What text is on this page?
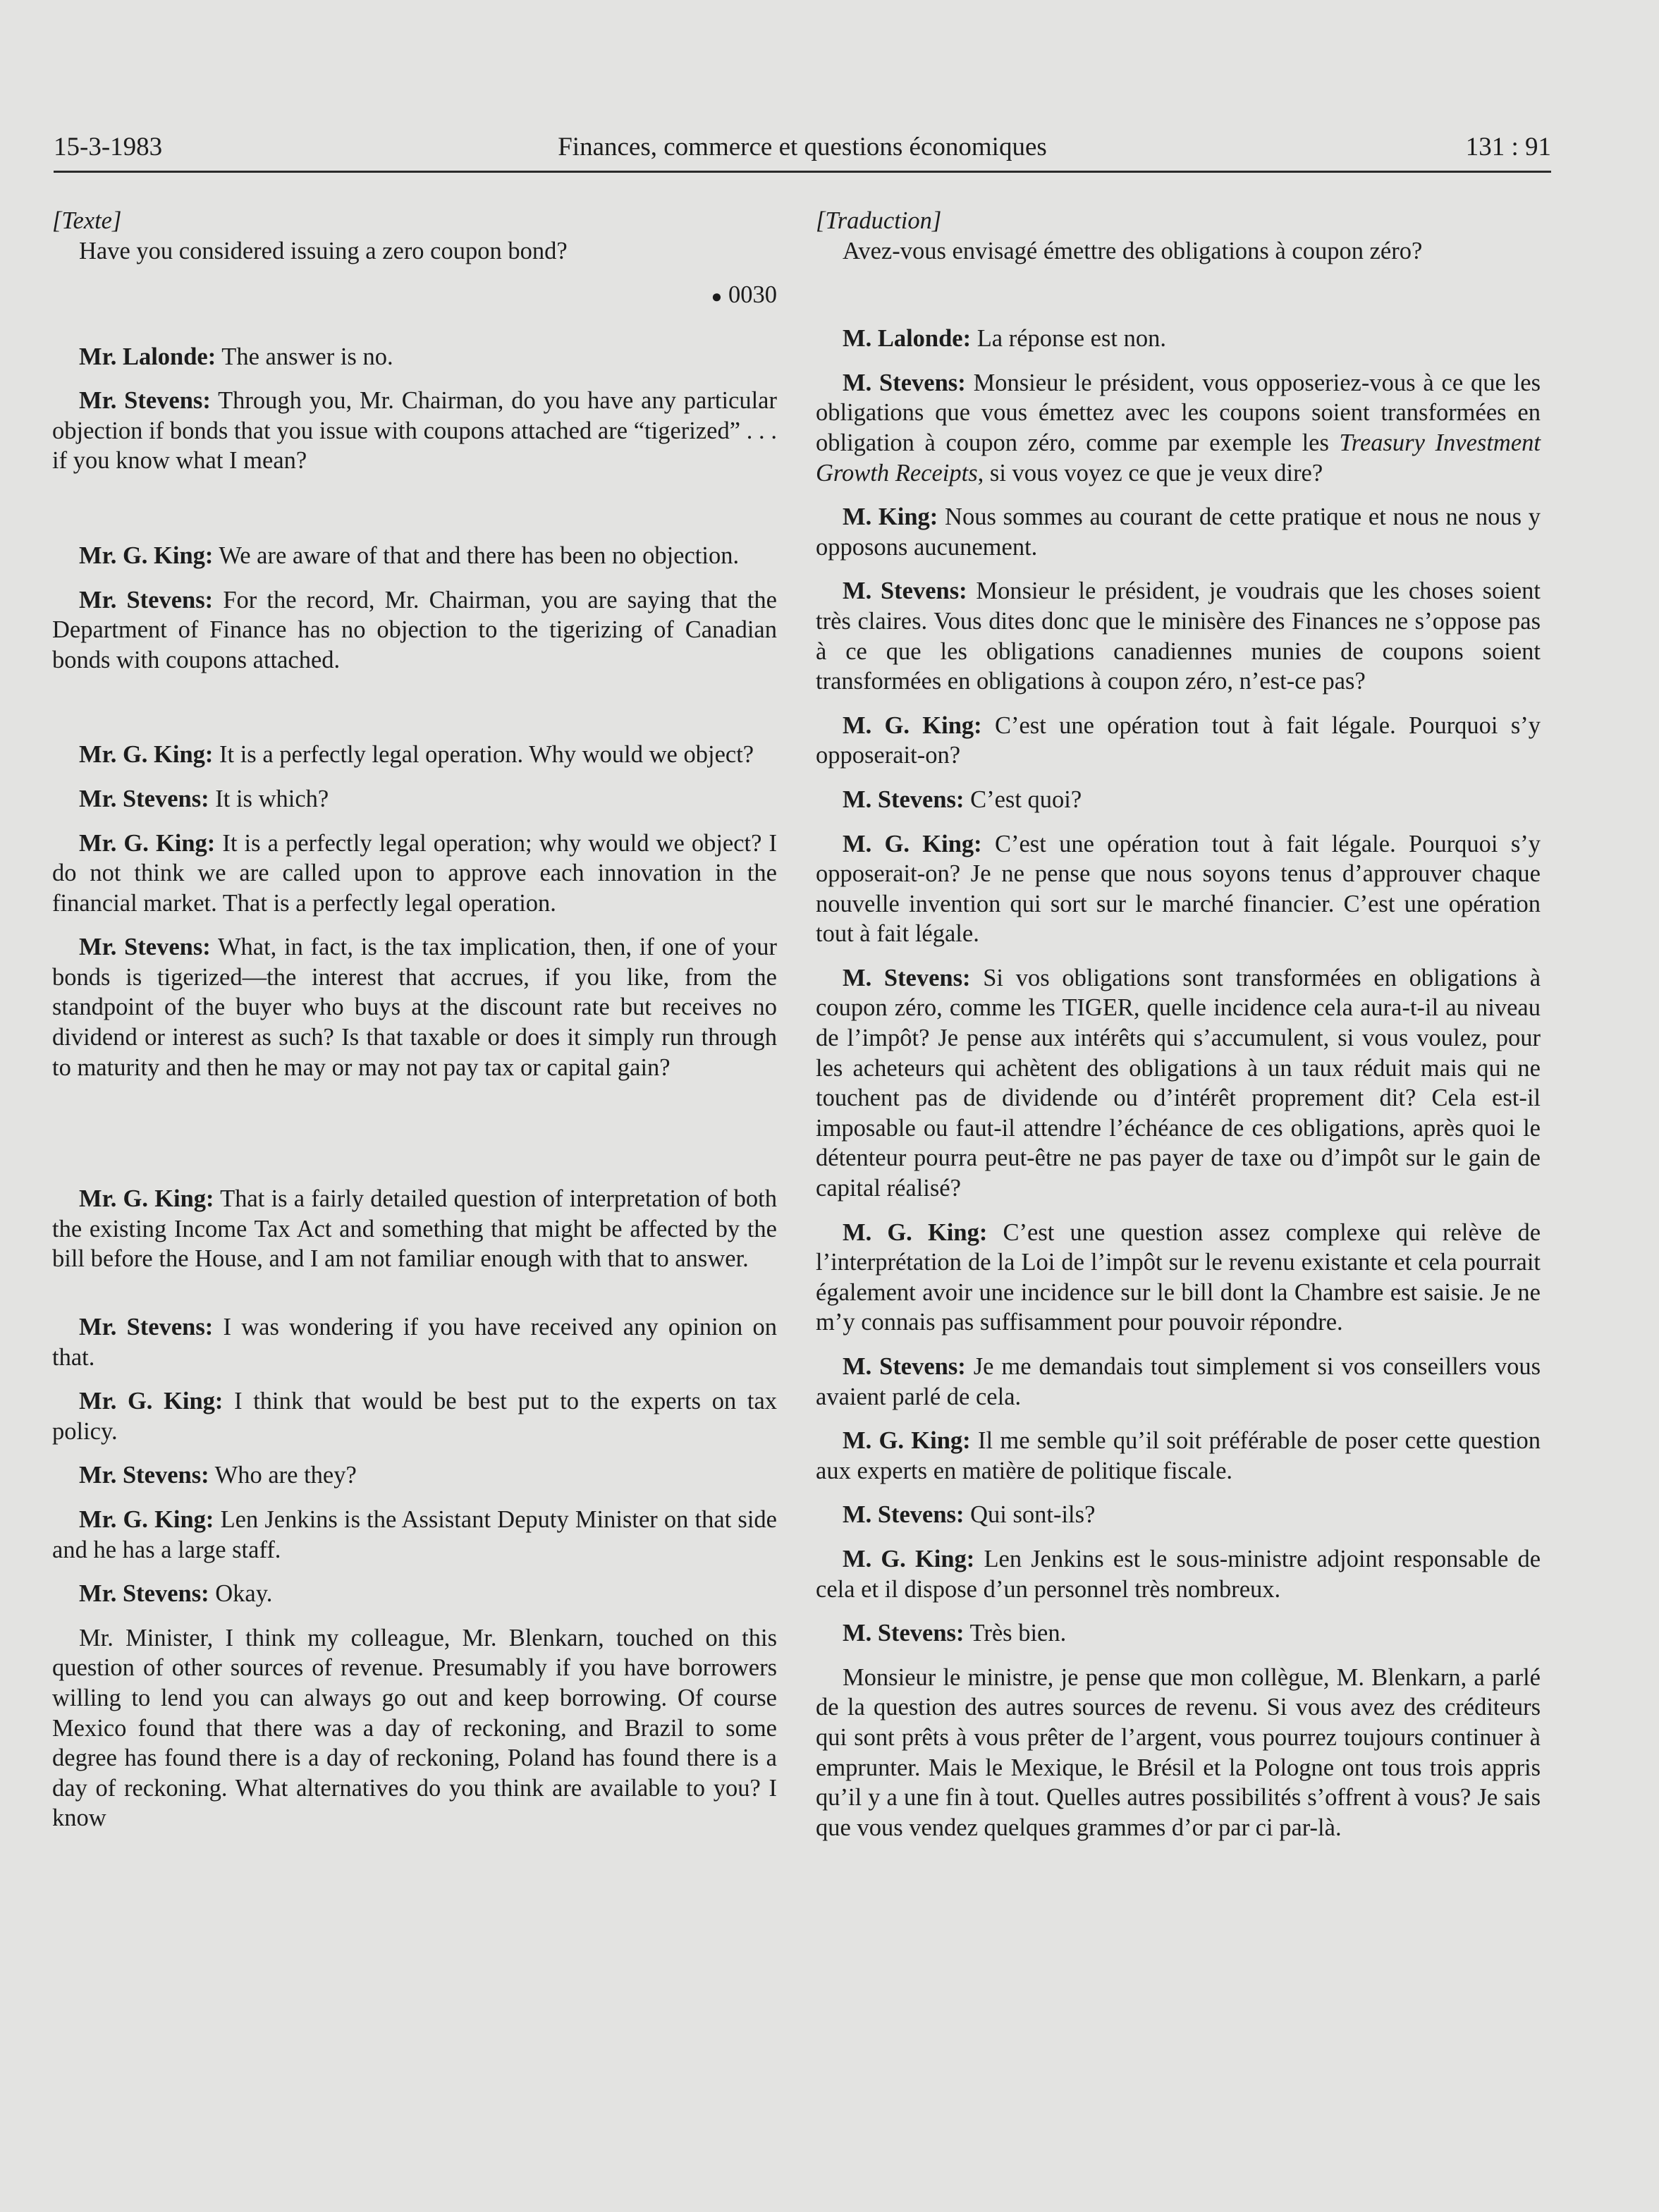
15-3-1983	Finances, commerce et questions économiques	131 : 91

[Texte]

Have you considered issuing a zero coupon bond?

● 0030

Mr. Lalonde: The answer is no.

Mr. Stevens: Through you, Mr. Chairman, do you have any particular objection if bonds that you issue with coupons attached are “tigerized” . . . if you know what I mean?

Mr. G. King: We are aware of that and there has been no objection.

Mr. Stevens: For the record, Mr. Chairman, you are saying that the Department of Finance has no objection to the tigerizing of Canadian bonds with coupons attached.

Mr. G. King: It is a perfectly legal operation. Why would we object?

Mr. Stevens: It is which?

Mr. G. King: It is a perfectly legal operation; why would we object? I do not think we are called upon to approve each innovation in the financial market. That is a perfectly legal operation.

Mr. Stevens: What, in fact, is the tax implication, then, if one of your bonds is tigerized—the interest that accrues, if you like, from the standpoint of the buyer who buys at the discount rate but receives no dividend or interest as such? Is that taxable or does it simply run through to maturity and then he may or may not pay tax or capital gain?

Mr. G. King: That is a fairly detailed question of interpretation of both the existing Income Tax Act and something that might be affected by the bill before the House, and I am not familiar enough with that to answer.

Mr. Stevens: I was wondering if you have received any opinion on that.

Mr. G. King: I think that would be best put to the experts on tax policy.

Mr. Stevens: Who are they?

Mr. G. King: Len Jenkins is the Assistant Deputy Minister on that side and he has a large staff.

Mr. Stevens: Okay.

Mr. Minister, I think my colleague, Mr. Blenkarn, touched on this question of other sources of revenue. Presumably if you have borrowers willing to lend you can always go out and keep borrowing. Of course Mexico found that there was a day of reckoning, and Brazil to some degree has found there is a day of reckoning, Poland has found there is a day of reckoning. What alternatives do you think are available to you? I know

[Traduction]

Avez-vous envisagé émettre des obligations à coupon zéro?

M. Lalonde: La réponse est non.

M. Stevens: Monsieur le président, vous opposeriez-vous à ce que les obligations que vous émettez avec les coupons soient transformées en obligation à coupon zéro, comme par exemple les Treasury Investment Growth Receipts, si vous voyez ce que je veux dire?

M. King: Nous sommes au courant de cette pratique et nous ne nous y opposons aucunement.

M. Stevens: Monsieur le président, je voudrais que les choses soient très claires. Vous dites donc que le minisère des Finances ne s’oppose pas à ce que les obligations canadiennes munies de coupons soient transformées en obligations à coupon zéro, n’est-ce pas?

M. G. King: C’est une opération tout à fait légale. Pourquoi s’y opposerait-on?

M. Stevens: C’est quoi?

M. G. King: C’est une opération tout à fait légale. Pourquoi s’y opposerait-on? Je ne pense que nous soyons tenus d’approuver chaque nouvelle invention qui sort sur le marché financier. C’est une opération tout à fait légale.

M. Stevens: Si vos obligations sont transformées en obligations à coupon zéro, comme les TIGER, quelle incidence cela aura-t-il au niveau de l’impôt? Je pense aux intérêts qui s’accumulent, si vous voulez, pour les acheteurs qui achètent des obligations à un taux réduit mais qui ne touchent pas de dividende ou d’intérêt proprement dit? Cela est-il imposable ou faut-il attendre l’échéance de ces obligations, après quoi le détenteur pourra peut-être ne pas payer de taxe ou d’impôt sur le gain de capital réalisé?

M. G. King: C’est une question assez complexe qui relève de l’interprétation de la Loi de l’impôt sur le revenu existante et cela pourrait également avoir une incidence sur le bill dont la Chambre est saisie. Je ne m’y connais pas suffisamment pour pouvoir répondre.

M. Stevens: Je me demandais tout simplement si vos conseillers vous avaient parlé de cela.

M. G. King: Il me semble qu’il soit préférable de poser cette question aux experts en matière de politique fiscale.

M. Stevens: Qui sont-ils?

M. G. King: Len Jenkins est le sous-ministre adjoint responsable de cela et il dispose d’un personnel très nombreux.

M. Stevens: Très bien.

Monsieur le ministre, je pense que mon collègue, M. Blenkarn, a parlé de la question des autres sources de revenu. Si vous avez des créditeurs qui sont prêts à vous prêter de l’argent, vous pourrez toujours continuer à emprunter. Mais le Mexique, le Brésil et la Pologne ont tous trois appris qu’il y a une fin à tout. Quelles autres possibilités s’offrent à vous? Je sais que vous vendez quelques grammes d’or par ci par-là.
